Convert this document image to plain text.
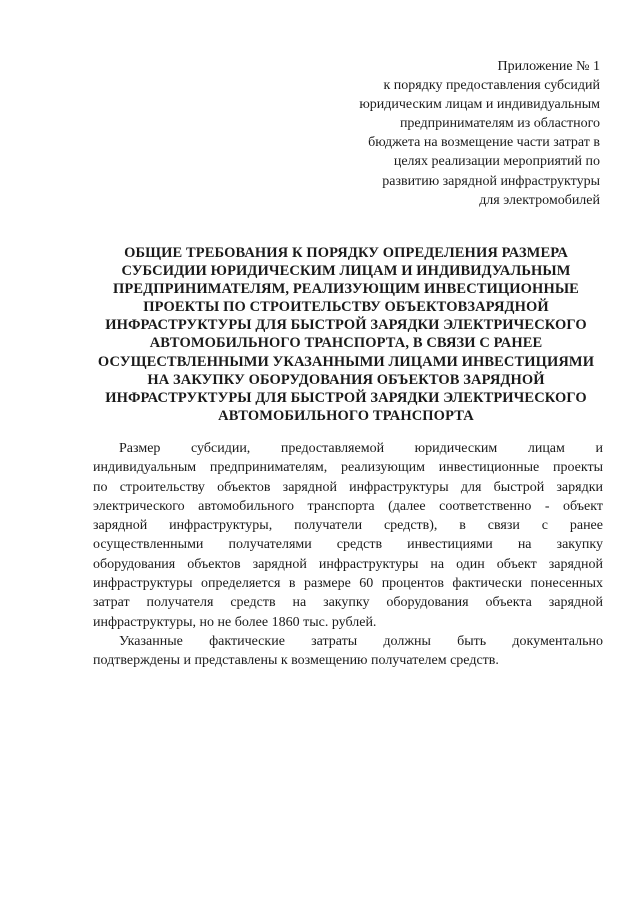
Приложение № 1
к порядку предоставления субсидий
юридическим лицам и индивидуальным
предпринимателям из областного
бюджета на возмещение части затрат в
целях реализации мероприятий по
развитию зарядной инфраструктуры
для электромобилей
ОБЩИЕ ТРЕБОВАНИЯ К ПОРЯДКУ ОПРЕДЕЛЕНИЯ РАЗМЕРА
СУБСИДИИ ЮРИДИЧЕСКИМ ЛИЦАМ И ИНДИВИДУАЛЬНЫМ
ПРЕДПРИНИМАТЕЛЯМ, РЕАЛИЗУЮЩИМ ИНВЕСТИЦИОННЫЕ
ПРОЕКТЫ ПО СТРОИТЕЛЬСТВУ ОБЪЕКТОВЗАРЯДНОЙ
ИНФРАСТРУКТУРЫ ДЛЯ БЫСТРОЙ ЗАРЯДКИ ЭЛЕКТРИЧЕСКОГО
АВТОМОБИЛЬНОГО ТРАНСПОРТА, В СВЯЗИ С РАНЕЕ
ОСУЩЕСТВЛЕННЫМИ УКАЗАННЫМИ ЛИЦАМИ ИНВЕСТИЦИЯМИ
НА ЗАКУПКУ ОБОРУДОВАНИЯ ОБЪЕКТОВ ЗАРЯДНОЙ
ИНФРАСТРУКТУРЫ ДЛЯ БЫСТРОЙ ЗАРЯДКИ ЭЛЕКТРИЧЕСКОГО
АВТОМОБИЛЬНОГО ТРАНСПОРТА
Размер субсидии, предоставляемой юридическим лицам и
индивидуальным предпринимателям, реализующим инвестиционные проекты
по строительству объектов зарядной инфраструктуры для быстрой зарядки
электрического автомобильного транспорта (далее соответственно - объект
зарядной инфраструктуры, получатели средств), в связи с ранее
осуществленными получателями средств инвестициями на закупку
оборудования объектов зарядной инфраструктуры на один объект зарядной
инфраструктуры определяется в размере 60 процентов фактически понесенных
затрат получателя средств на закупку оборудования объекта зарядной
инфраструктуры, но не более 1860 тыс. рублей.
Указанные фактические затраты должны быть документально
подтверждены и представлены к возмещению получателем средств.
